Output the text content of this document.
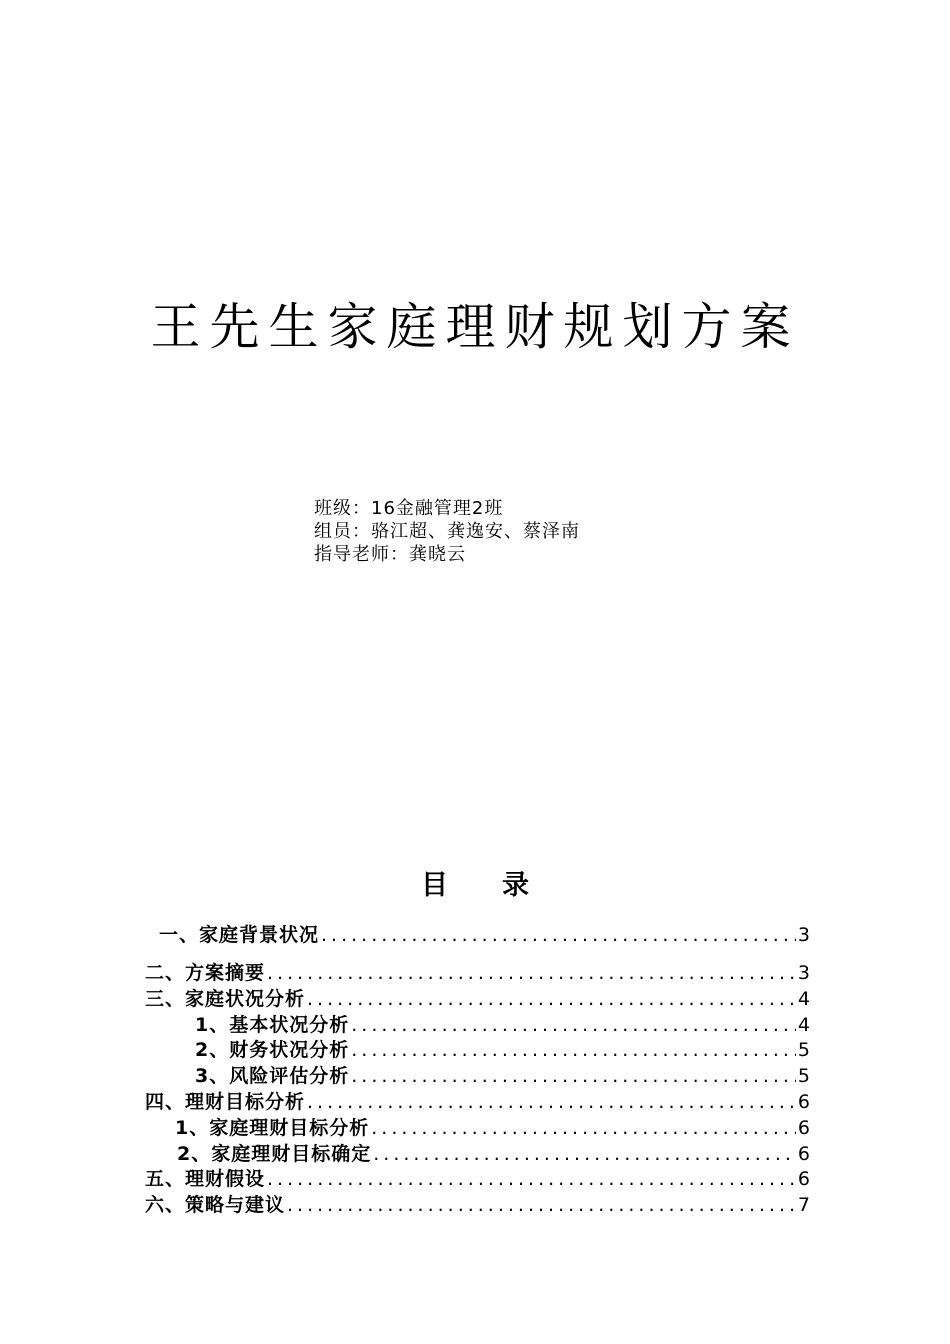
王先生家庭理财规划方案
班级：16金融管理2班
组员：骆江超、龚逸安、蔡泽南
指导老师：龚晓云
目 录
一、家庭背景状况 .....	3
二、方案摘要 .....	3
三、家庭状况分析 .....	4
1、基本状况分析 .....	4
2、财务状况分析 .....	5
3、风险评估分析 .....	5
四、理财目标分析 .....	6
1、家庭理财目标分析 .....	6
2、家庭理财目标确定 .....	6
五、理财假设 .....	6
六、策略与建议 .....	7
